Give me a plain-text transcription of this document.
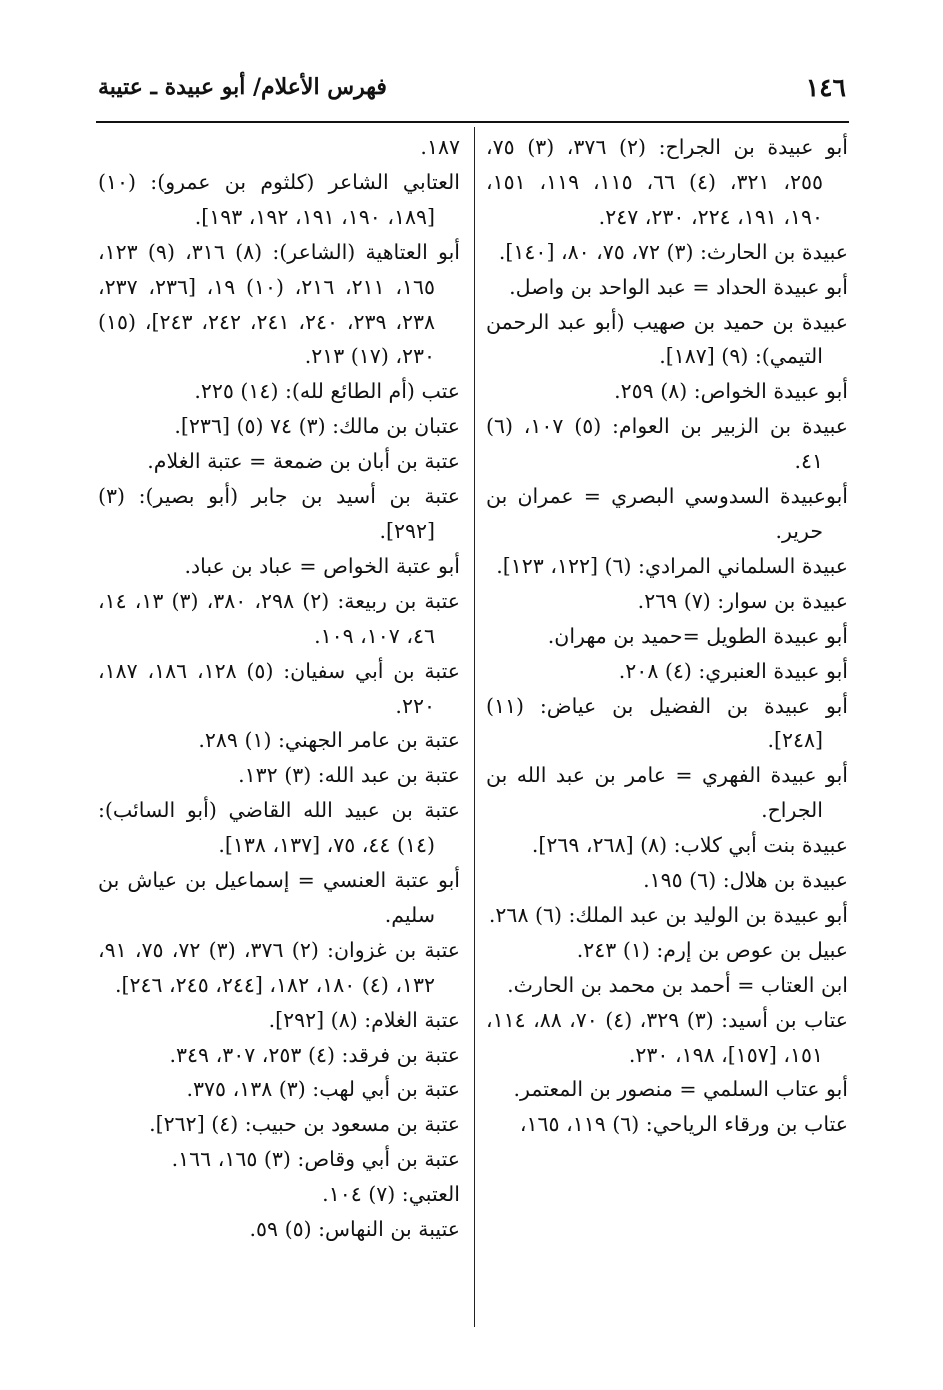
١٤٦
فهرس الأعلام/ أبو عبيدة ـ عتيبة

أبو عبيدة بن الجراح: (٢) ٣٧٦، (٣) ٧٥، ٢٥٥، ٣٢١، (٤) ٦٦، ١١٥، ١١٩، ١٥١، ١٩٠، ١٩١، ٢٢٤، ٢٣٠، ٢٤٧.

عبيدة بن الحارث: (٣) ٧٢، ٧٥، ٨٠، [١٤٠].

أبو عبيدة الحداد = عبد الواحد بن واصل.

عبيدة بن حميد بن صهيب (أبو عبد الرحمن التيمي): (٩) [١٨٧].

أبو عبيدة الخواص: (٨) ٢٥٩.

عبيدة بن الزبير بن العوام: (٥) ١٠٧، (٦) ٤١.

أبوعبيدة السدوسي البصري = عمران بن حرير.

عبيدة السلماني المرادي: (٦) [١٢٢، ١٢٣].

عبيدة بن سوار: (٧) ٢٦٩.

أبو عبيدة الطويل =حميد بن مهران.

أبو عبيدة العنبري: (٤) ٢٠٨.

أبو عبيدة بن الفضيل بن عياض: (١١) [٢٤٨].

أبو عبيدة الفهري = عامر بن عبد الله بن الجراح.

عبيدة بنت أبي كلاب: (٨) [٢٦٨، ٢٦٩].

عبيدة بن هلال: (٦) ١٩٥.

أبو عبيدة بن الوليد بن عبد الملك: (٦) ٢٦٨.

عبيل بن عوص بن إرم: (١) ٢٤٣.

ابن العتاب = أحمد بن محمد بن الحارث.

عتاب بن أسيد: (٣) ٣٢٩، (٤) ٧٠، ٨٨، ١١٤، ١٥١، [١٥٧]، ١٩٨، ٢٣٠.

أبو عتاب السلمي = منصور بن المعتمر.

عتاب بن ورقاء الرياحي: (٦) ١١٩، ١٦٥،

١٨٧.

العتابي الشاعر (كلثوم بن عمرو): (١٠) [١٨٩، ١٩٠، ١٩١، ١٩٢، ١٩٣].

أبو العتاهية (الشاعر): (٨) ٣١٦، (٩) ١٢٣، ١٦٥، ٢١١، ٢١٦، (١٠) ١٩، [٢٣٦، ٢٣٧، ٢٣٨، ٢٣٩، ٢٤٠، ٢٤١، ٢٤٢، ٢٤٣]، (١٥) ٢٣٠، (١٧) ٢١٣.

عتب (أم الطائع لله): (١٤) ٢٢٥.

عتبان بن مالك: (٣) ٧٤ (٥) [٢٣٦].

عتبة بن أبان بن ضمعة = عتبة الغلام.

عتبة بن أسيد بن جابر (أبو بصير): (٣) [٢٩٢].

أبو عتبة الخواص = عباد بن عباد.

عتبة بن ربيعة: (٢) ٢٩٨، ٣٨٠، (٣) ١٣، ١٤، ٤٦، ١٠٧، ١٠٩.

عتبة بن أبي سفيان: (٥) ١٢٨، ١٨٦، ١٨٧، ٢٢٠.

عتبة بن عامر الجهني: (١) ٢٨٩.

عتبة بن عبد الله: (٣) ١٣٢.

عتبة بن عبيد الله القاضي (أبو السائب): (١٤) ٤٤، ٧٥، [١٣٧، ١٣٨].

أبو عتبة العنسي = إسماعيل بن عياش بن سليم.

عتبة بن غزوان: (٢) ٣٧٦، (٣) ٧٢، ٧٥، ٩١، ١٣٢، (٤) ١٨٠، ١٨٢، [٢٤٤، ٢٤٥، ٢٤٦].

عتبة الغلام: (٨) [٢٩٢].

عتبة بن فرقد: (٤) ٢٥٣، ٣٠٧، ٣٤٩.

عتبة بن أبي لهب: (٣) ١٣٨، ٣٧٥.

عتبة بن مسعود بن حبيب: (٤) [٢٦٢].

عتبة بن أبي وقاص: (٣) ١٦٥، ١٦٦.

العتبي: (٧) ١٠٤.

عتيبة بن النهاس: (٥) ٥٩.
